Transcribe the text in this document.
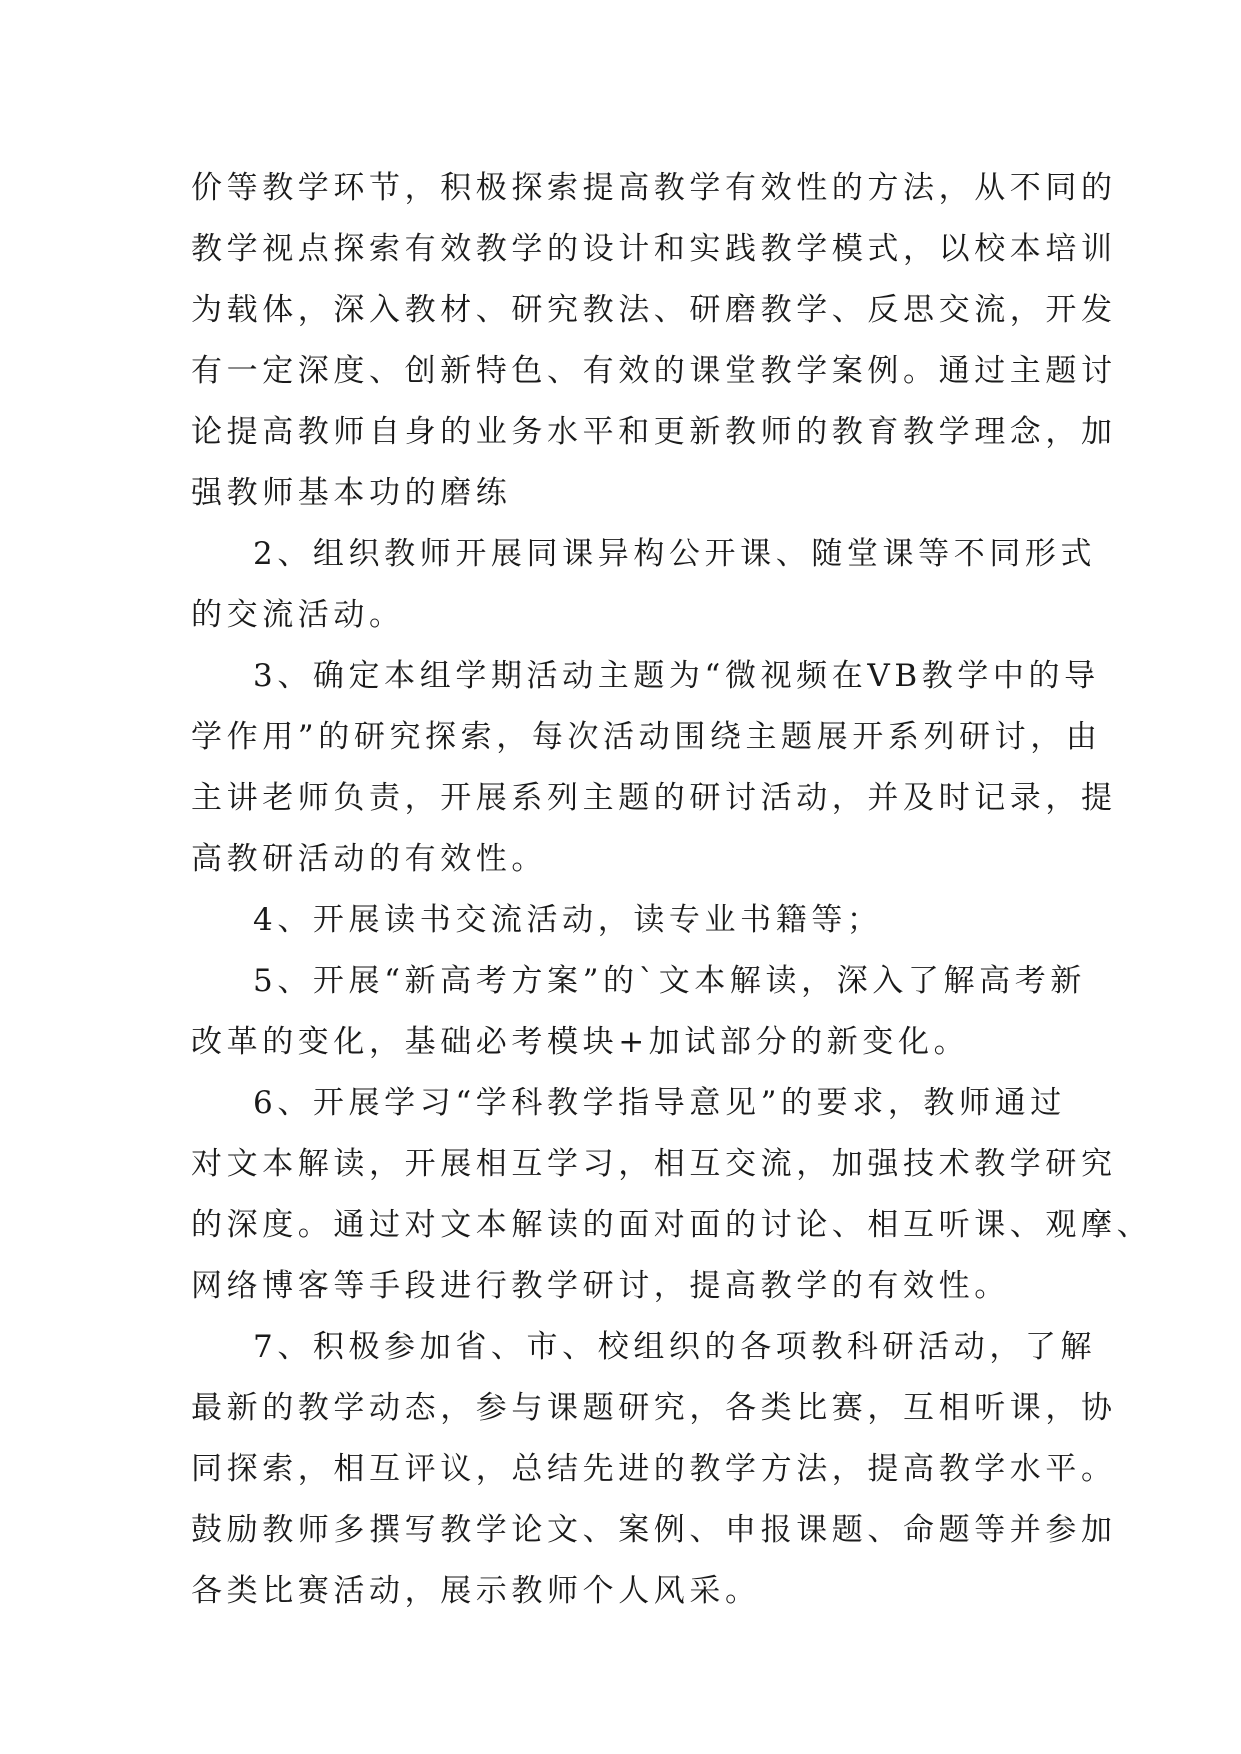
价等教学环节，积极探索提高教学有效性的方法，从不同的
教学视点探索有效教学的设计和实践教学模式，以校本培训
为载体，深入教材、研究教法、研磨教学、反思交流，开发
有一定深度、创新特色、有效的课堂教学案例。通过主题讨
论提高教师自身的业务水平和更新教师的教育教学理念，加
强教师基本功的磨练
2、组织教师开展同课异构公开课、随堂课等不同形式
的交流活动。
3、确定本组学期活动主题为“微视频在VB教学中的导
学作用”的研究探索，每次活动围绕主题展开系列研讨，由
主讲老师负责，开展系列主题的研讨活动，并及时记录，提
高教研活动的有效性。
4、开展读书交流活动，读专业书籍等；
5、开展“新高考方案”的`文本解读，深入了解高考新
改革的变化，基础必考模块+加试部分的新变化。
6、开展学习“学科教学指导意见”的要求，教师通过
对文本解读，开展相互学习，相互交流，加强技术教学研究
的深度。通过对文本解读的面对面的讨论、相互听课、观摩、
网络博客等手段进行教学研讨，提高教学的有效性。
7、积极参加省、市、校组织的各项教科研活动，了解
最新的教学动态，参与课题研究，各类比赛，互相听课，协
同探索，相互评议，总结先进的教学方法，提高教学水平。
鼓励教师多撰写教学论文、案例、申报课题、命题等并参加
各类比赛活动，展示教师个人风采。
